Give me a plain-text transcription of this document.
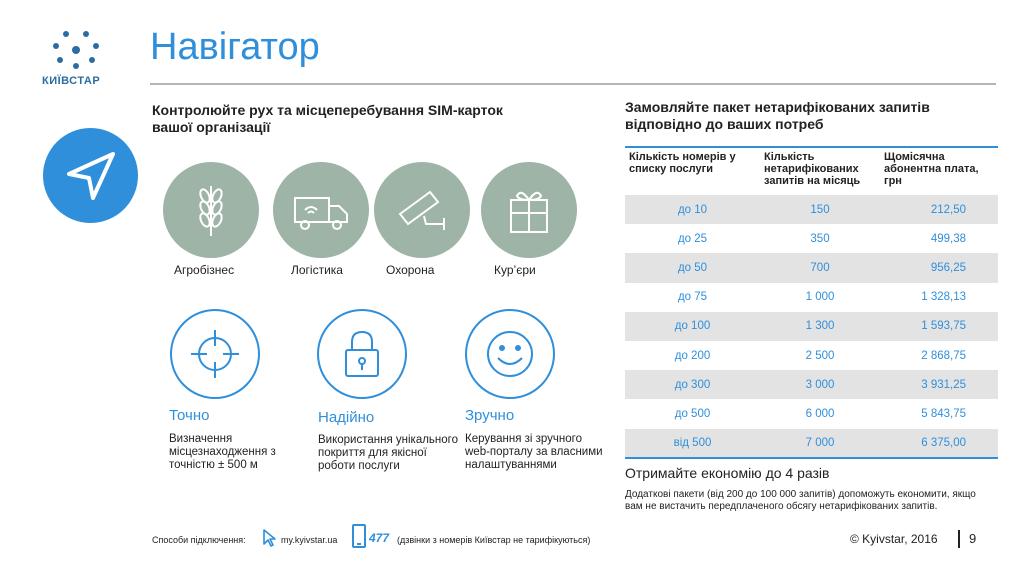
КИЇВСТАР
Навігатор
Контролюйте рух та місцеперебування SIM-карток вашої організації
Агробізнес	Логістика	Охорона	Кур’єри
Точно
Визначення місцезнаходження з точністю ± 500 м
Надійно
Використання унікального покриття для якісної роботи послуги
Зручно
Керування зі зручного web-порталу за власними налаштуваннями
Замовляйте пакет нетарифікованих запитів відповідно до ваших потреб
Кількість номерів у списку послуги	Кількість нетарифікованих запитів на місяць	Щомісячна абонентна плата, грн
до 10	150	212,50
до 25	350	499,38
до 50	700	956,25
до 75	1 000	1 328,13
до 100	1 300	1 593,75
до 200	2 500	2 868,75
до 300	3 000	3 931,25
до 500	6 000	5 843,75
від 500	7 000	6 375,00
Отримайте економію до 4 разів
Додаткові пакети (від 200 до 100 000 запитів) допоможуть економити, якщо вам не вистачить передплаченого обсягу нетарифікованих запитів.
Способи підключення:	my.kyivstar.ua	477 (дзвінки з номерів Київстар не тарифікуються)	© Kyivstar, 2016 9
